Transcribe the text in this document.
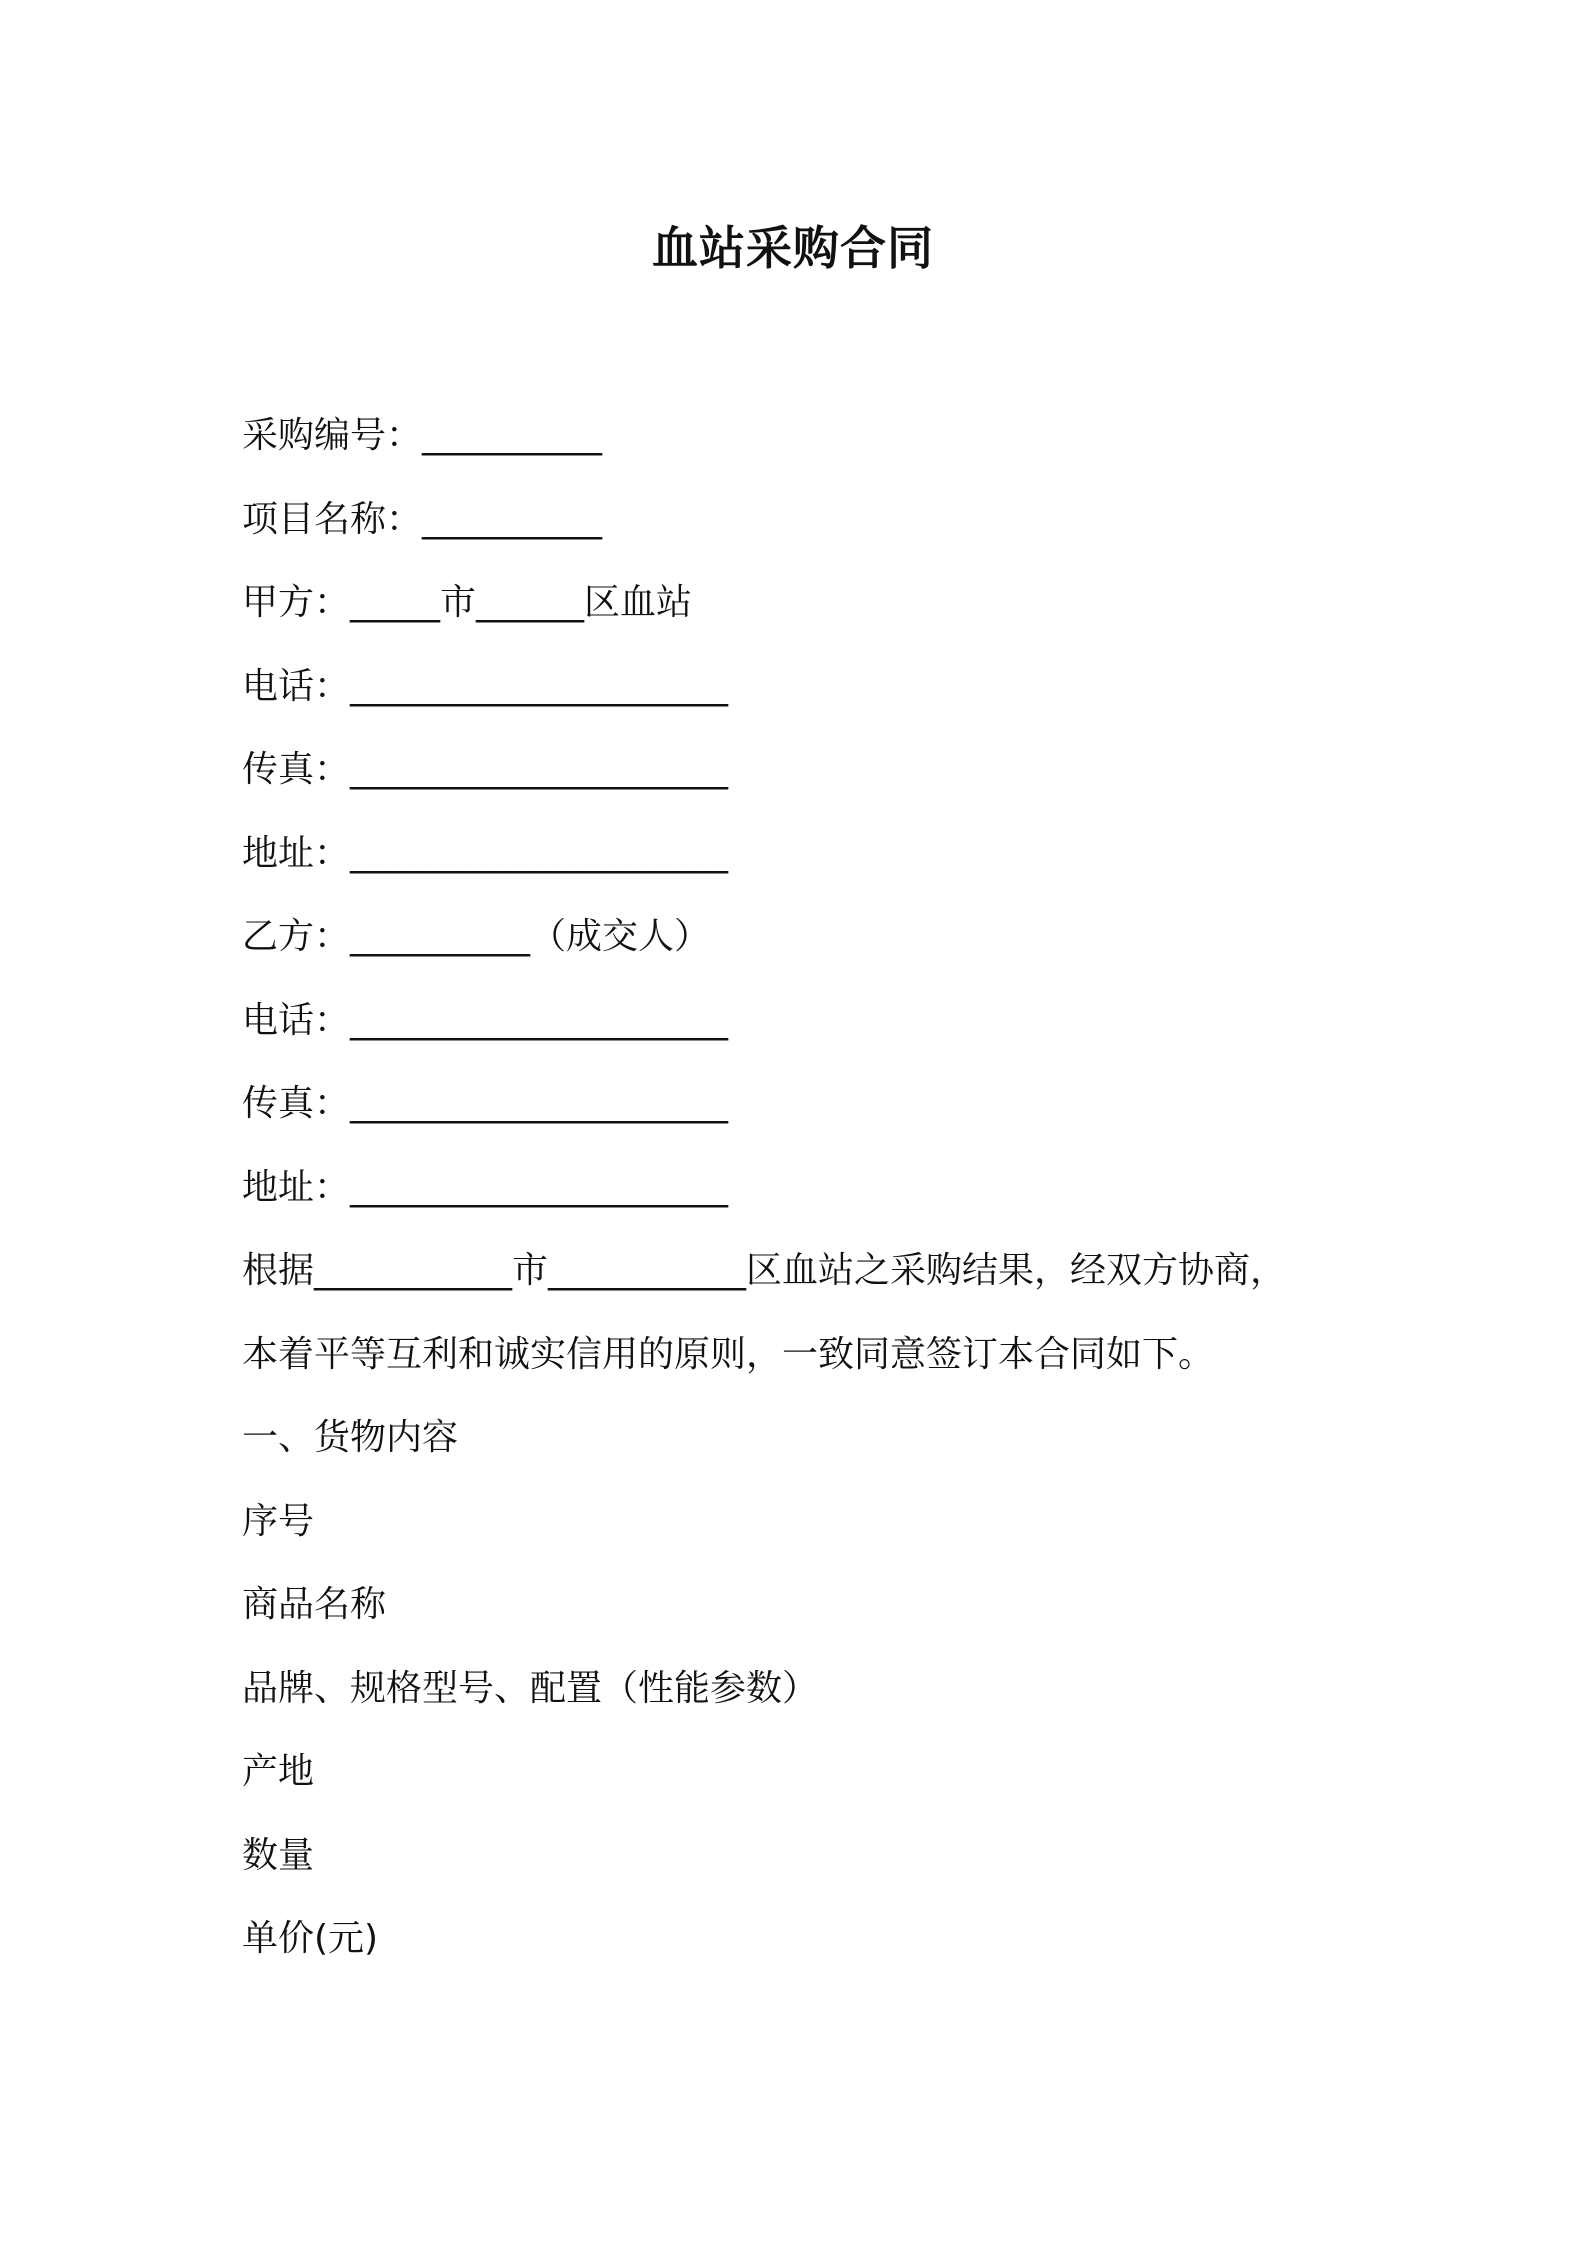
血站采购合同

采购编号：__________

项目名称：__________

甲方：_____市______区血站

电话：_____________________

传真：_____________________

地址：_____________________

乙方：__________（成交人）

电话：_____________________

传真：_____________________

地址：_____________________

根据___________市___________区血站之采购结果，经双方协商，

本着平等互利和诚实信用的原则，一致同意签订本合同如下。

一、货物内容

序号

商品名称

品牌、规格型号、配置（性能参数）

产地

数量

单价(元)
